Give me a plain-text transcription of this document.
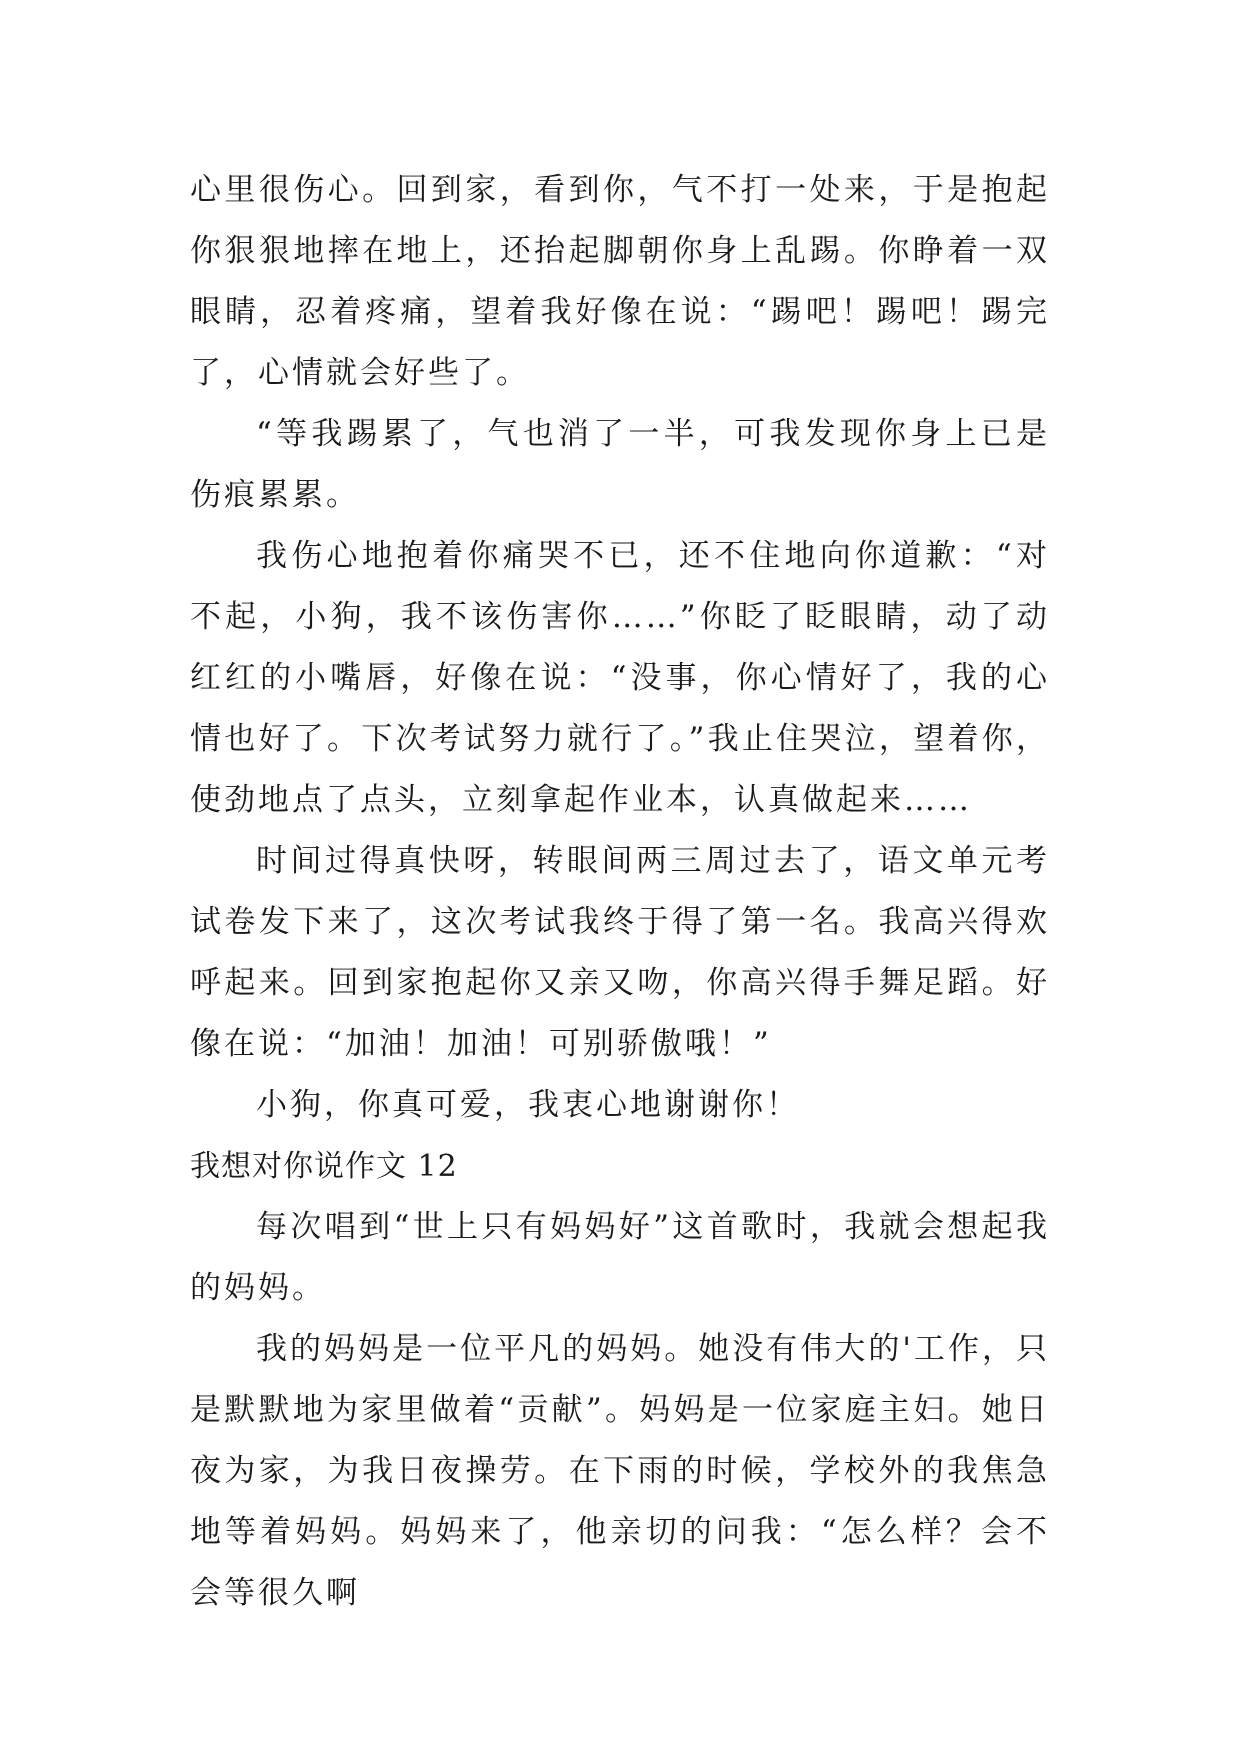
心里很伤心。回到家，看到你，气不打一处来，于是抱起你狠狠地摔在地上，还抬起脚朝你身上乱踢。你睁着一双眼睛，忍着疼痛，望着我好像在说：“踢吧！踢吧！踢完了，心情就会好些了。

“等我踢累了，气也消了一半，可我发现你身上已是伤痕累累。

我伤心地抱着你痛哭不已，还不住地向你道歉：“对不起，小狗，我不该伤害你……”你眨了眨眼睛，动了动红红的小嘴唇，好像在说：“没事，你心情好了，我的心情也好了。下次考试努力就行了。”我止住哭泣，望着你，使劲地点了点头，立刻拿起作业本，认真做起来……

时间过得真快呀，转眼间两三周过去了，语文单元考试卷发下来了，这次考试我终于得了第一名。我高兴得欢呼起来。回到家抱起你又亲又吻，你高兴得手舞足蹈。好像在说：“加油！加油！可别骄傲哦！”

小狗，你真可爱，我衷心地谢谢你！

我想对你说作文 12

每次唱到“世上只有妈妈好”这首歌时，我就会想起我的妈妈。

我的妈妈是一位平凡的妈妈。她没有伟大的'工作，只是默默地为家里做着“贡献”。妈妈是一位家庭主妇。她日夜为家，为我日夜操劳。在下雨的时候，学校外的我焦急地等着妈妈。妈妈来了，他亲切的问我：“怎么样？会不会等很久啊
